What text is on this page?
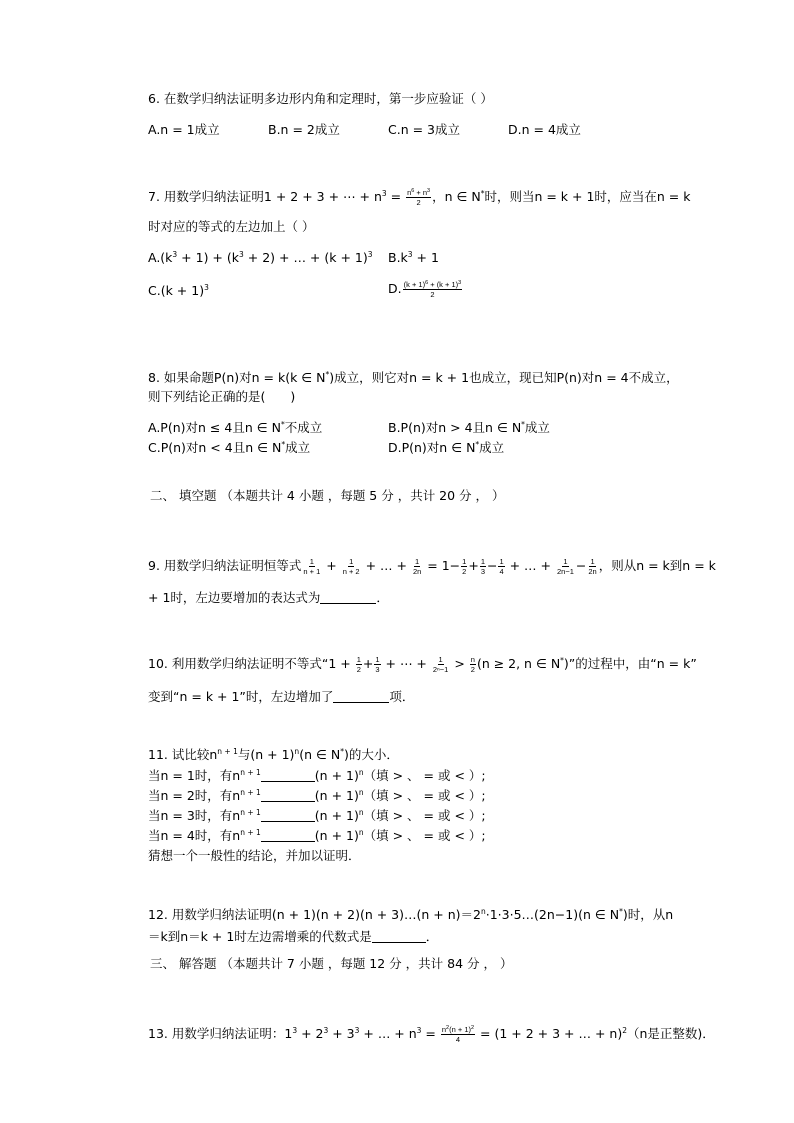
6. 在数学归纳法证明多边形内角和定理时，第一步应验证（ ）
A.n = 1成立	B.n = 2成立	C.n = 3成立	D.n = 4成立
7. 用数学归纳法证明1 + 2 + 3 + ⋯ + $n^3 = \frac{n^6 + n^3}{2}$ ，n ∈ N*时，则当n = k + 1时，应当在n = k
时对应的等式的左边加上（ ）
$A.(k^3 + 1) + (k^3 + 2)$ + … + $(k + 1)^3$ $B.k^3 + 1$
$C.(k + 1)^3$	D. $\frac{(k + 1)^6 + (k + 1)^3}{2}$
8. 如果命题P(n)对n = k(k ∈ N*)成立，则它对n = k + 1也成立，现已知P(n)对n = 4不成立，
则下列结论正确的是(　　)
A.P(n)对n ≤ 4且n ∈ N*不成立	B.P(n)对n > 4且n ∈ N*成立
C.P(n)对n < 4且n ∈ N*成立	D.P(n)对n ∈ N*成立
二、 填空题 （本题共计 4 小题 ，每题 5 分 ，共计 20 分 ， ）
9. 用数学归纳法证明恒等式 $\frac{1}{n + 1} + \frac{1}{n + 2}$ + … + $\frac{1}{2n} = 1- \frac{1}{2} + \frac{1}{3} - \frac{1}{4}$ + … + $\frac{1}{2n-1} - \frac{1}{2n}$ ，则从n = k到n = k
+ 1时，左边要增加的表达式为	．
10. 利用数学归纳法证明不等式“$1 + \frac{1}{2} + \frac{1}{3}$ + ⋯ + $\frac{1}{\text{2ⁿ−1}} > \frac{n}{2} (n \ge 2$, n ∈ N*)”的过程中，由“n = k”
变到“n = k + 1”时，左边增加了	项．
11. 试比较$n^{n + 1}$与$(n + 1)^n(n$ ∈ N*)的大小．
当n = 1时，有$n^{n + 1}$	$(n + 1)^n$（填 > 、 = 或 < ）;
当n = 2时，有$n^{n + 1}$	$(n + 1)^n$（填 > 、 = 或 < ）;
当n = 3时，有$n^{n + 1}$	$(n + 1)^n$（填 > 、 = 或 < ）;
当n = 4时，有$n^{n + 1}$	$(n + 1)^n$（填 > 、 = 或 < ）;
猜想一个一般性的结论，并加以证明．
12. 用数学归纳法证明(n + 1)(n + 2)(n + 3)…(n + $n)=2^n\cdot 1\cdot 3\cdot 5\dots(2n-1)(n$ ∈ N*)时，从n
＝k到n＝k + 1时左边需增乘的代数式是	．
三、 解答题 （本题共计 7 小题 ，每题 12 分 ，共计 84 分 ， ）
13. 用数学归纳法证明：$1^3 + 2^3 + 3^3$ + … + $n^3 = \frac{n^2(n + 1)^2}{4} = (1 + 2 + 3$ + … + n)$^2$（n是正整数)．
